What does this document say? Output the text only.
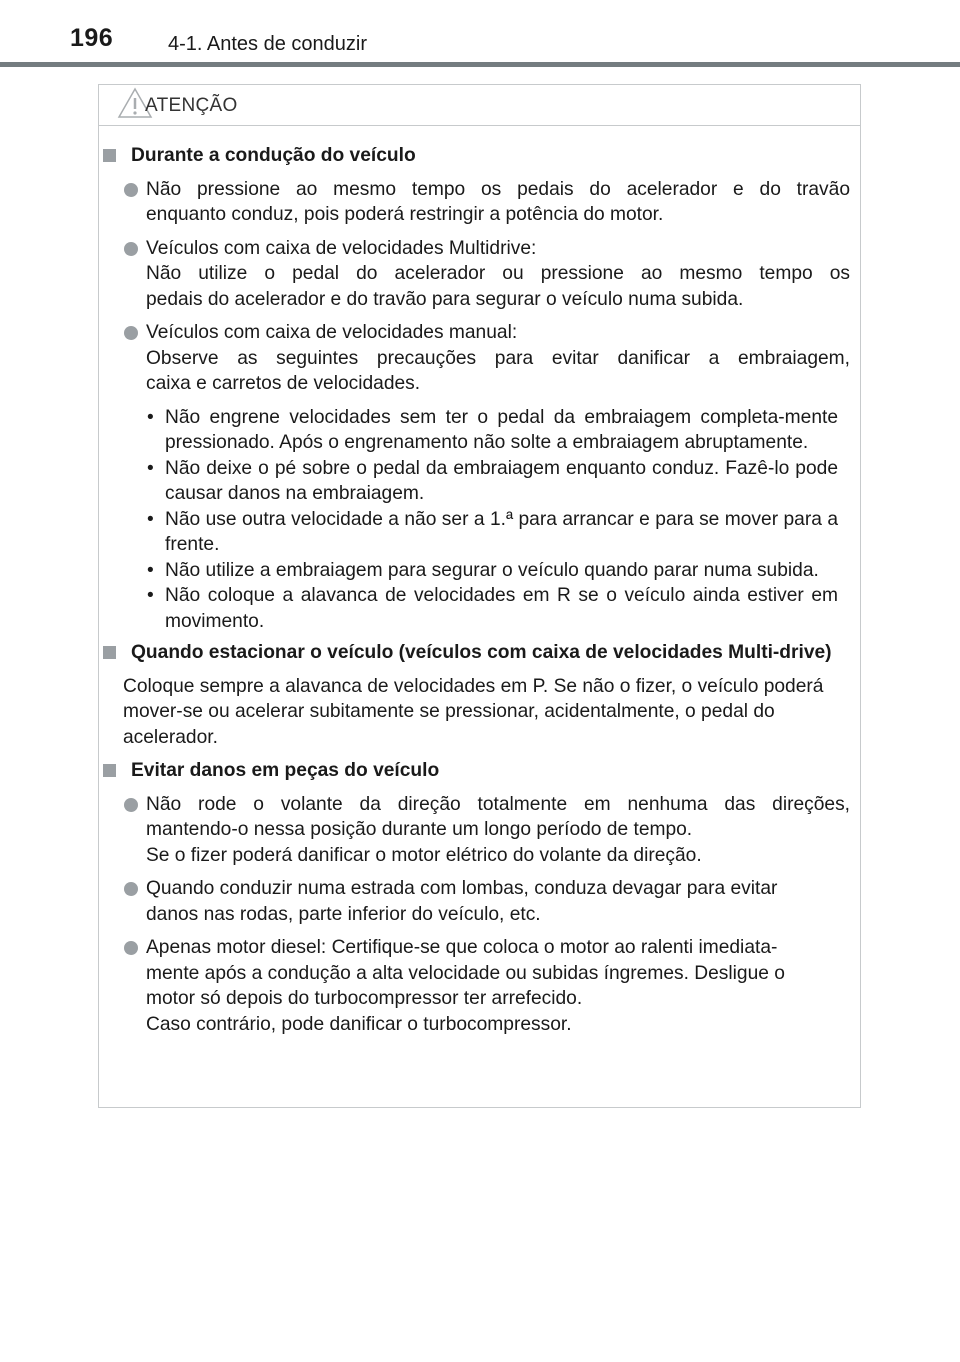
196	4-1. Antes de conduzir
ATENÇÃO
Durante a condução do veículo
Não pressione ao mesmo tempo os pedais do acelerador e do travão
enquanto conduz, pois poderá restringir a potência do motor.
Veículos com caixa de velocidades Multidrive:
Não utilize o pedal do acelerador ou pressione ao mesmo tempo os
pedais do acelerador e do travão para segurar o veículo numa subida.
Veículos com caixa de velocidades manual:
Observe as seguintes precauções para evitar danificar a embraiagem,
caixa e carretos de velocidades.
• Não engrene velocidades sem ter o pedal da embraiagem completa-mente pressionado. Após o engrenamento não solte a embraiagem abruptamente.
• Não deixe o pé sobre o pedal da embraiagem enquanto conduz. Fazê-lo pode causar danos na embraiagem.
• Não use outra velocidade a não ser a 1.ª para arrancar e para se mover para a frente.
• Não utilize a embraiagem para segurar o veículo quando parar numa subida.
• Não coloque a alavanca de velocidades em R se o veículo ainda estiver em movimento.
Quando estacionar o veículo (veículos com caixa de velocidades Multi-drive)
Coloque sempre a alavanca de velocidades em P. Se não o fizer, o veículo poderá mover-se ou acelerar subitamente se pressionar, acidentalmente, o pedal do acelerador.
Evitar danos em peças do veículo
Não rode o volante da direção totalmente em nenhuma das direções,
mantendo-o nessa posição durante um longo período de tempo.
Se o fizer poderá danificar o motor elétrico do volante da direção.
Quando conduzir numa estrada com lombas, conduza devagar para evitar
danos nas rodas, parte inferior do veículo, etc.
Apenas motor diesel: Certifique-se que coloca o motor ao ralenti imediata-
mente após a condução a alta velocidade ou subidas íngremes. Desligue o
motor só depois do turbocompressor ter arrefecido.
Caso contrário, pode danificar o turbocompressor.
